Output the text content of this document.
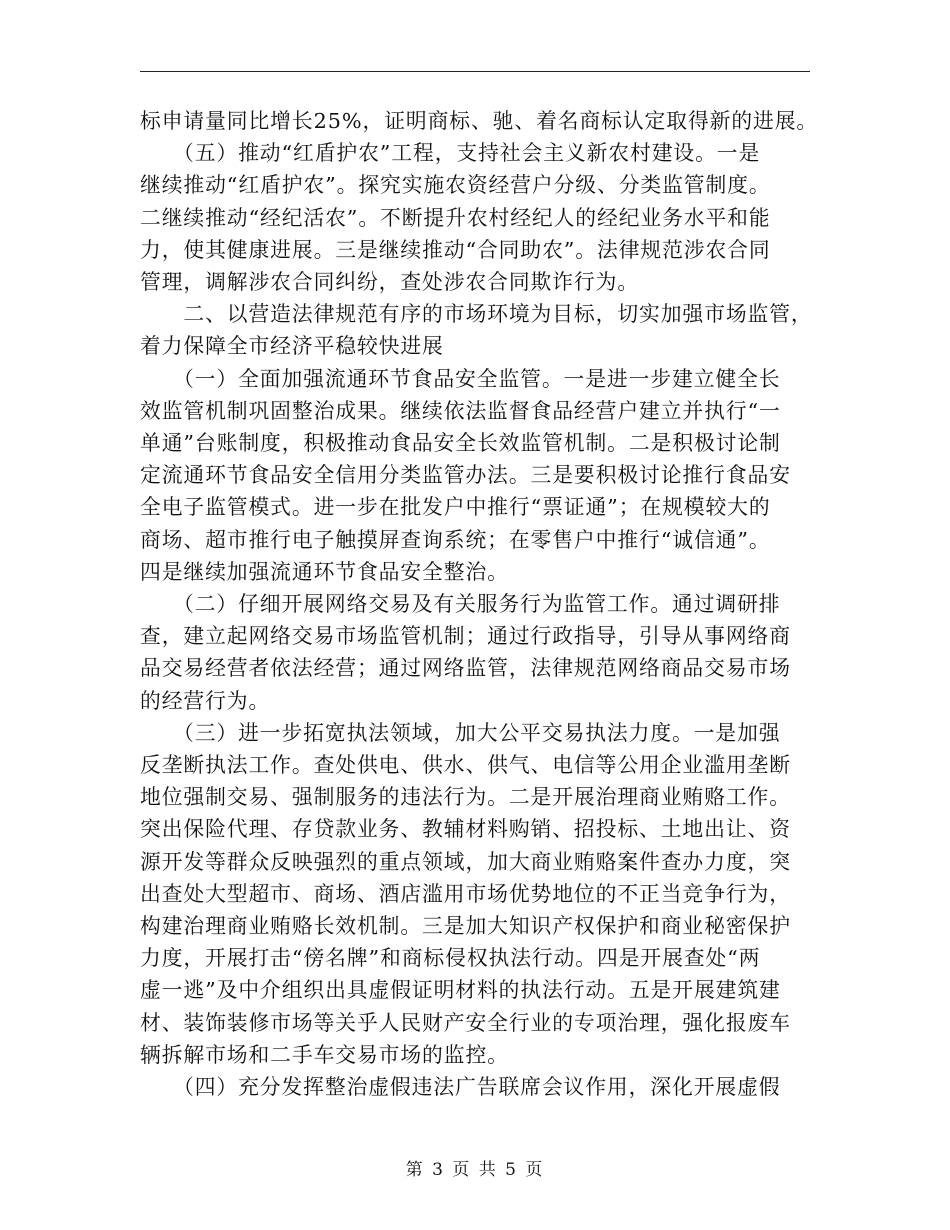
标申请量同比增长25%，证明商标、驰、着名商标认定取得新的进展。
　　（五）推动“红盾护农”工程，支持社会主义新农村建设。一是
继续推动“红盾护农”。探究实施农资经营户分级、分类监管制度。
二继续推动“经纪活农”。不断提升农村经纪人的经纪业务水平和能
力，使其健康进展。三是继续推动“合同助农”。法律规范涉农合同
管理，调解涉农合同纠纷，查处涉农合同欺诈行为。
　　二、以营造法律规范有序的市场环境为目标，切实加强市场监管，
着力保障全市经济平稳较快进展
　　（一）全面加强流通环节食品安全监管。一是进一步建立健全长
效监管机制巩固整治成果。继续依法监督食品经营户建立并执行“一
单通”台账制度，积极推动食品安全长效监管机制。二是积极讨论制
定流通环节食品安全信用分类监管办法。三是要积极讨论推行食品安
全电子监管模式。进一步在批发户中推行“票证通”；在规模较大的
商场、超市推行电子触摸屏查询系统；在零售户中推行“诚信通”。
四是继续加强流通环节食品安全整治。
　　（二）仔细开展网络交易及有关服务行为监管工作。通过调研排
查，建立起网络交易市场监管机制；通过行政指导，引导从事网络商
品交易经营者依法经营；通过网络监管，法律规范网络商品交易市场
的经营行为。
　　（三）进一步拓宽执法领域，加大公平交易执法力度。一是加强
反垄断执法工作。查处供电、供水、供气、电信等公用企业滥用垄断
地位强制交易、强制服务的违法行为。二是开展治理商业贿赂工作。
突出保险代理、存贷款业务、教辅材料购销、招投标、土地出让、资
源开发等群众反映强烈的重点领域，加大商业贿赂案件查办力度，突
出查处大型超市、商场、酒店滥用市场优势地位的不正当竞争行为，
构建治理商业贿赂长效机制。三是加大知识产权保护和商业秘密保护
力度，开展打击“傍名牌”和商标侵权执法行动。四是开展查处“两
虚一逃”及中介组织出具虚假证明材料的执法行动。五是开展建筑建
材、装饰装修市场等关乎人民财产安全行业的专项治理，强化报废车
辆拆解市场和二手车交易市场的监控。
　　（四）充分发挥整治虚假违法广告联席会议作用，深化开展虚假
第 3 页 共 5 页
